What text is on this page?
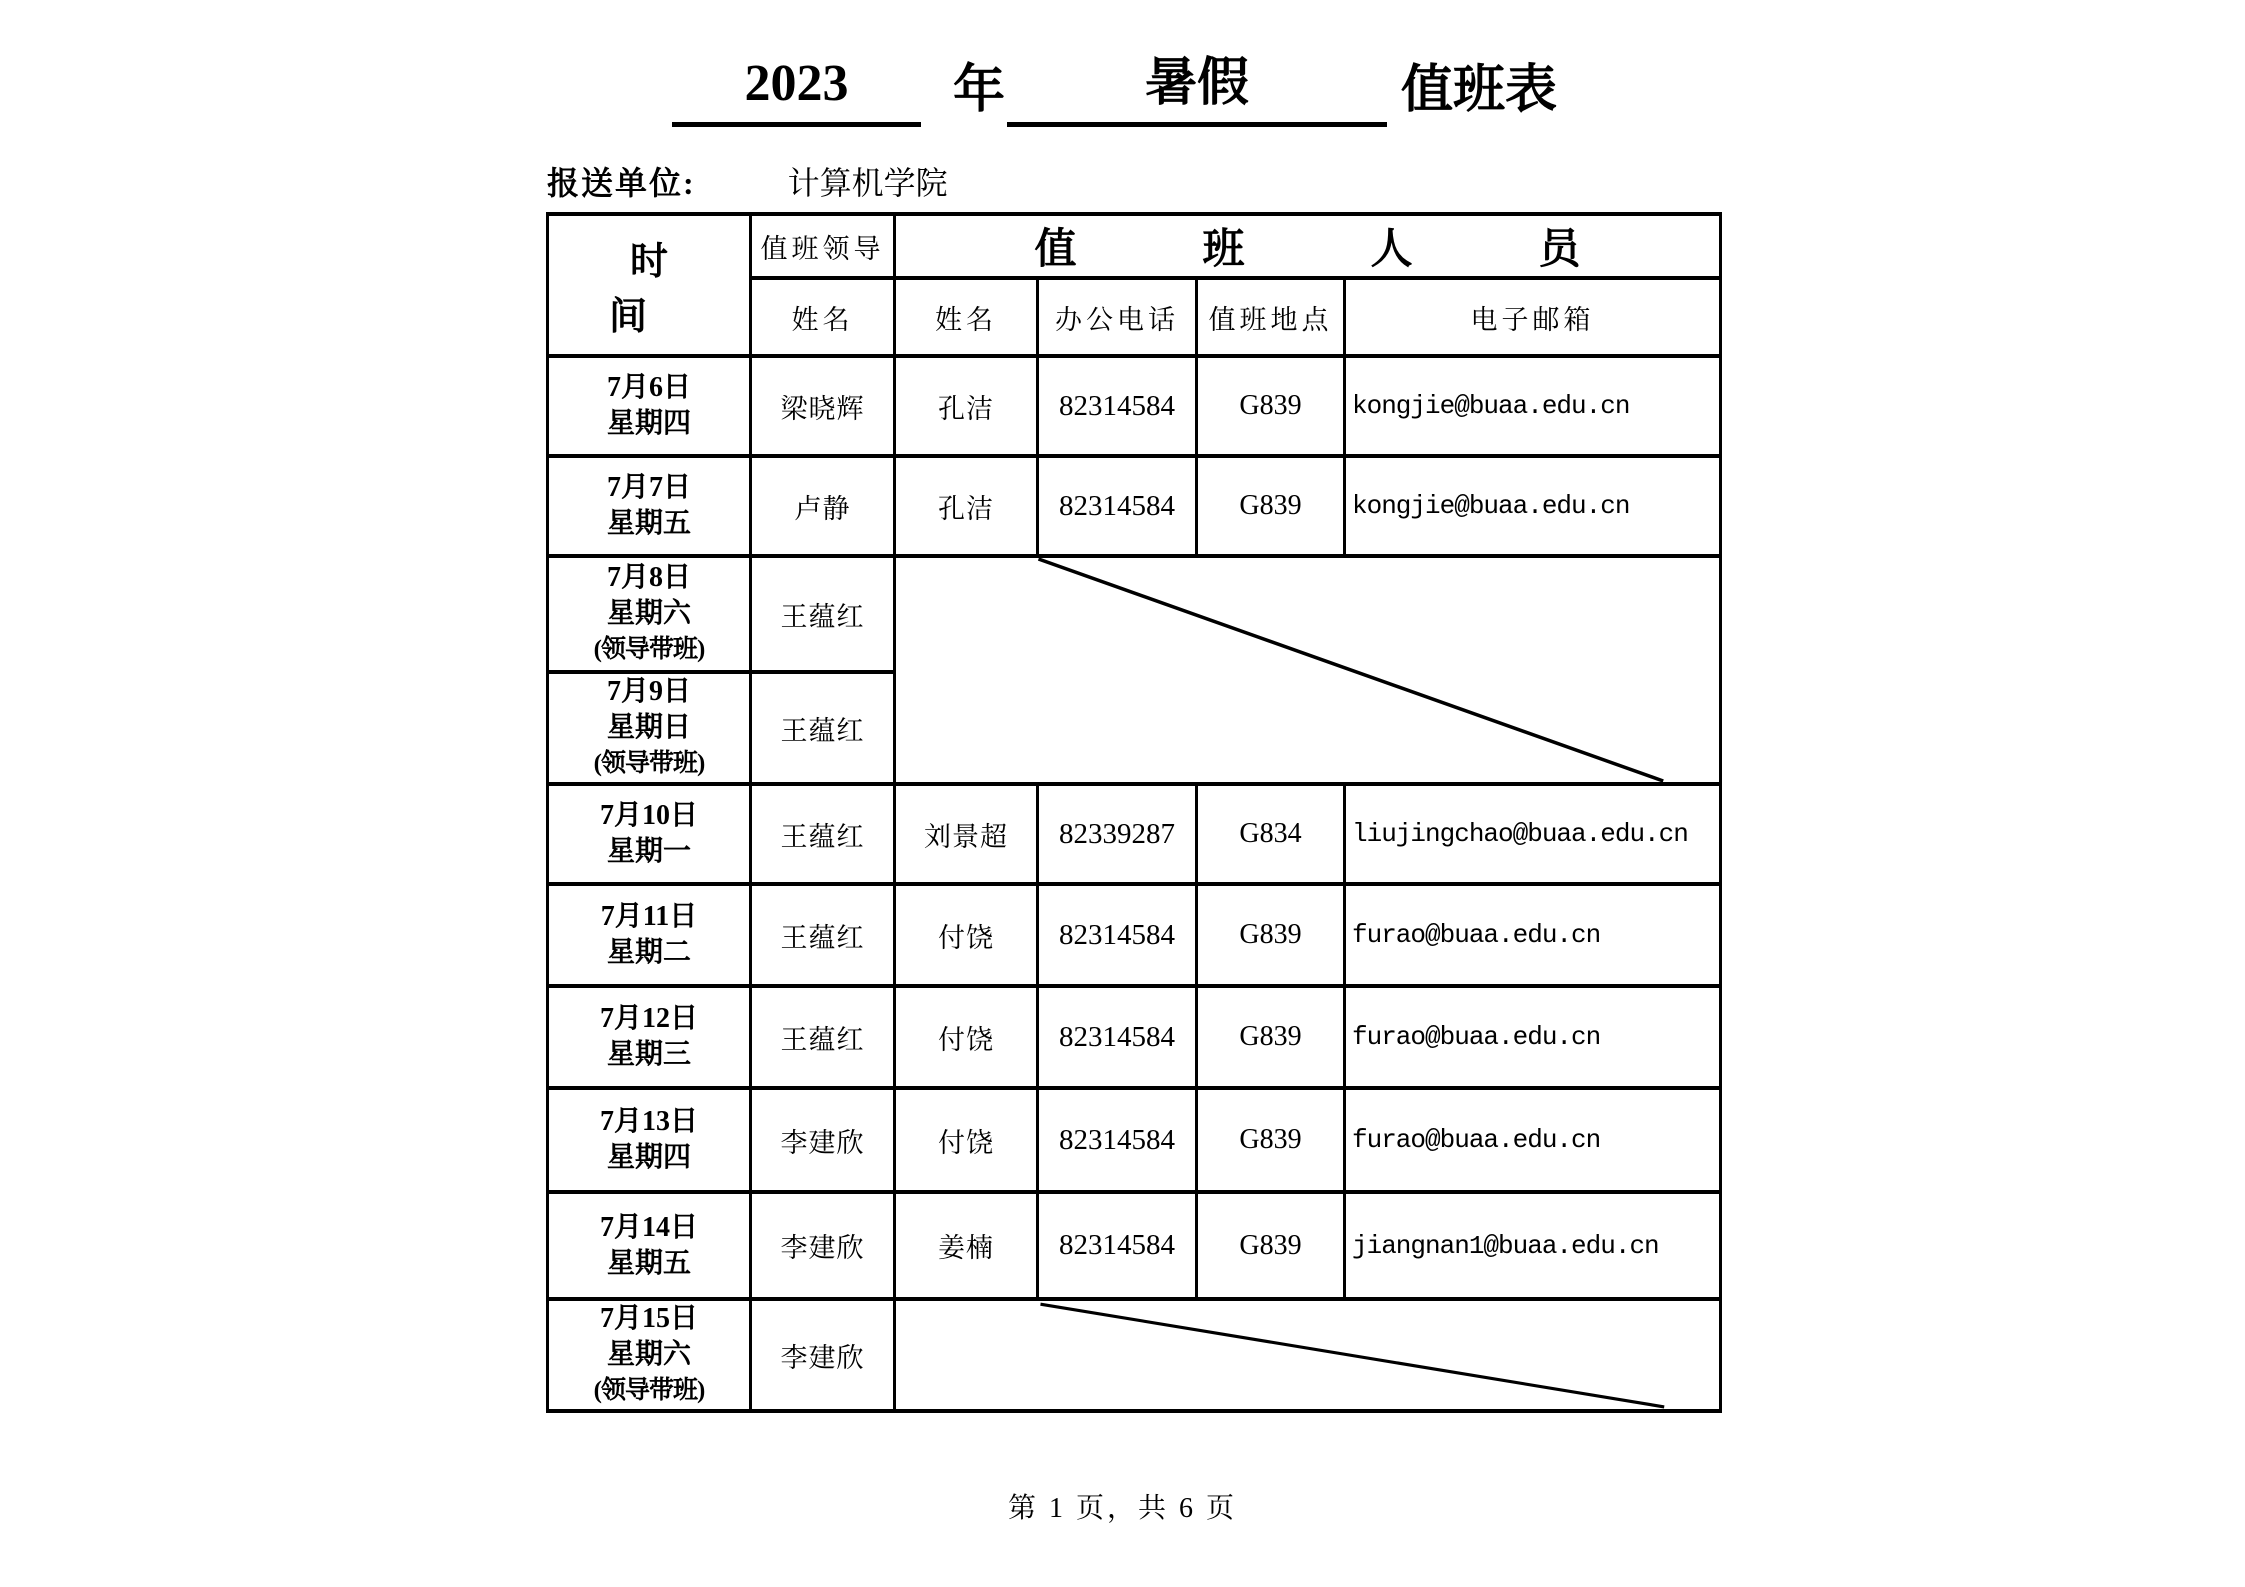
2023 年	暑假	值班表
报送单位:	计算机学院
时间	值班领导	值班人员			
	姓名	姓名	办公电话	值班地点	电子邮箱

7月6日
星期四	梁晓辉	孔洁	82314584	G839	kongjie@buaa.edu.cn

7月7日
星期五	卢静	孔洁	82314584	G839	kongjie@buaa.edu.cn

7月8日
星期六
(领导带班)	王蕴红	

7月9日
星期日
(领导带班)	王蕴红				

7月10日
星期一	王蕴红	刘景超	82339287	G834	liujingchao@buaa.edu.cn

7月11日
星期二	王蕴红	付饶	82314584	G839	furao@buaa.edu.cn

7月12日
星期三	王蕴红	付饶	82314584	G839	furao@buaa.edu.cn

7月13日
星期四	李建欣	付饶	82314584	G839	furao@buaa.edu.cn

7月14日
星期五	李建欣	姜楠	82314584	G839	jiangnan1@buaa.edu.cn

7月15日
星期六
(领导带班)	李建欣	
第 1 页，共 6 页
